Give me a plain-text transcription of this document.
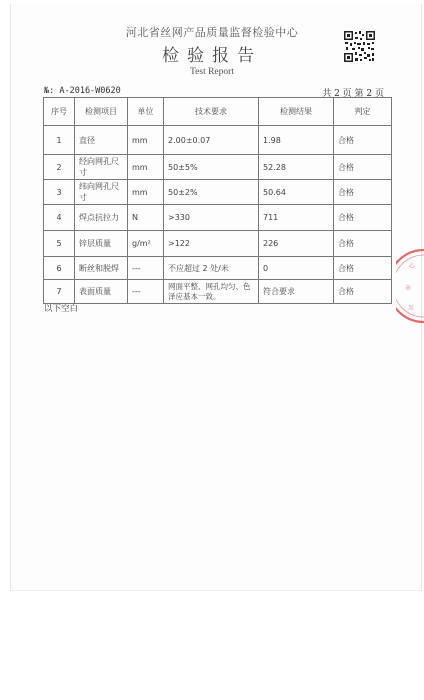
河北省丝网产品质量监督检验中心
检验报告
Test Report
№: A-2016-W0620	共 2 页 第 2 页
序号	检测项目	单位	技术要求	检测结果	判定
1	直径	mm	2.00±0.07	1.98	合格
2	经向网孔尺寸	mm	50±5%	52.28	合格
3	纬向网孔尺寸	mm	50±2%	50.64	合格
4	焊点抗拉力	N	>330	711	合格
5	锌层质量	g/m²	>122	226	合格
6	断丝和脱焊	---	不应超过 2 处/米	0	合格
7	表面质量	---	网面平整、网孔均匀、色泽应基本一致。	符合要求	合格
以下空白
心
章
用
